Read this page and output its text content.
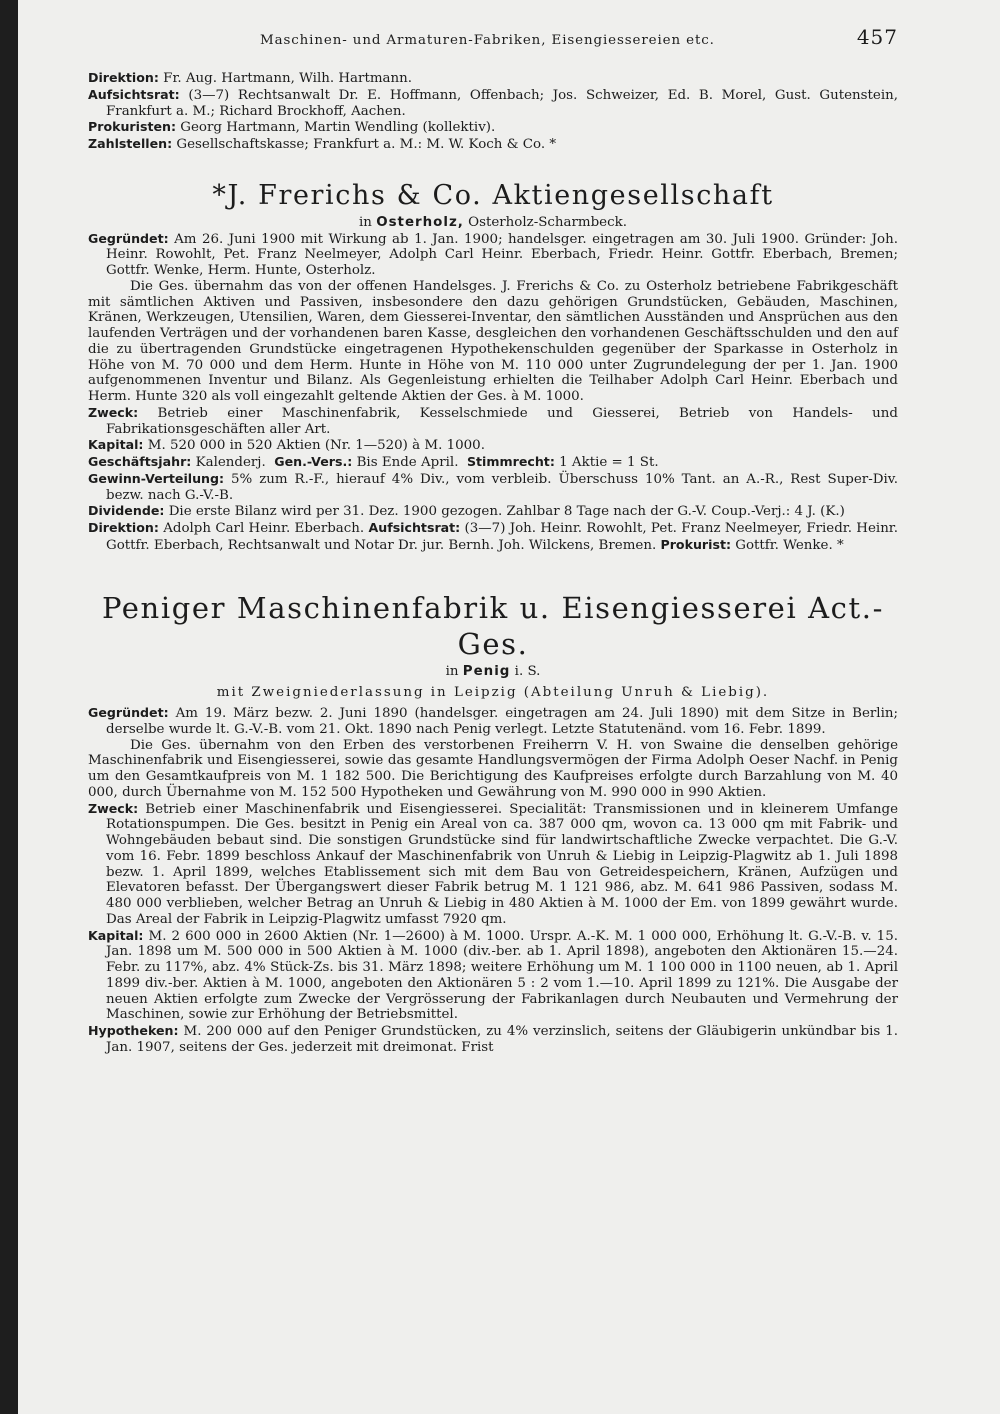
Maschinen- und Armaturen-Fabriken, Eisengiessereien etc.	457

Direktion: Fr. Aug. Hartmann, Wilh. Hartmann.

Aufsichtsrat: (3—7) Rechtsanwalt Dr. E. Hoffmann, Offenbach; Jos. Schweizer, Ed. B. Morel, Gust. Gutenstein, Frankfurt a. M.; Richard Brockhoff, Aachen.

Prokuristen: Georg Hartmann, Martin Wendling (kollektiv).

Zahlstellen: Gesellschaftskasse; Frankfurt a. M.: M. W. Koch & Co. *

*J. Frerichs & Co. Aktiengesellschaft
in Osterholz, Osterholz-Scharmbeck.

Gegründet: Am 26. Juni 1900 mit Wirkung ab 1. Jan. 1900; handelsger. eingetragen am 30. Juli 1900. Gründer: Joh. Heinr. Rowohlt, Pet. Franz Neelmeyer, Adolph Carl Heinr. Eberbach, Friedr. Heinr. Gottfr. Eberbach, Bremen; Gottfr. Wenke, Herm. Hunte, Osterholz.

Die Ges. übernahm das von der offenen Handelsges. J. Frerichs & Co. zu Osterholz betriebene Fabrikgeschäft mit sämtlichen Aktiven und Passiven, insbesondere den dazu gehörigen Grundstücken, Gebäuden, Maschinen, Kränen, Werkzeugen, Utensilien, Waren, dem Giesserei-Inventar, den sämtlichen Ausständen und Ansprüchen aus den laufenden Verträgen und der vorhandenen baren Kasse, desgleichen den vorhandenen Geschäftsschulden und den auf die zu übertragenden Grundstücke eingetragenen Hypothekenschulden gegenüber der Sparkasse in Osterholz in Höhe von M. 70 000 und dem Herm. Hunte in Höhe von M. 110 000 unter Zugrundelegung der per 1. Jan. 1900 aufgenommenen Inventur und Bilanz. Als Gegenleistung erhielten die Teilhaber Adolph Carl Heinr. Eberbach und Herm. Hunte 320 als voll eingezahlt geltende Aktien der Ges. à M. 1000.

Zweck: Betrieb einer Maschinenfabrik, Kesselschmiede und Giesserei, Betrieb von Handels- und Fabrikationsgeschäften aller Art.

Kapital: M. 520 000 in 520 Aktien (Nr. 1—520) à M. 1000.

Geschäftsjahr: Kalenderj. Gen.-Vers.: Bis Ende April. Stimmrecht: 1 Aktie = 1 St.

Gewinn-Verteilung: 5% zum R.-F., hierauf 4% Div., vom verbleib. Überschuss 10% Tant. an A.-R., Rest Super-Div. bezw. nach G.-V.-B.

Dividende: Die erste Bilanz wird per 31. Dez. 1900 gezogen. Zahlbar 8 Tage nach der G.-V. Coup.-Verj.: 4 J. (K.)

Direktion: Adolph Carl Heinr. Eberbach. Aufsichtsrat: (3—7) Joh. Heinr. Rowohlt, Pet. Franz Neelmeyer, Friedr. Heinr. Gottfr. Eberbach, Rechtsanwalt und Notar Dr. jur. Bernh. Joh. Wilckens, Bremen. Prokurist: Gottfr. Wenke. *

Peniger Maschinenfabrik u. Eisengiesserei Act.-Ges.
in Penig i. S.
mit Zweigniederlassung in Leipzig (Abteilung Unruh & Liebig).

Gegründet: Am 19. März bezw. 2. Juni 1890 (handelsger. eingetragen am 24. Juli 1890) mit dem Sitze in Berlin; derselbe wurde lt. G.-V.-B. vom 21. Okt. 1890 nach Penig verlegt. Letzte Statutenänd. vom 16. Febr. 1899.

Die Ges. übernahm von den Erben des verstorbenen Freiherrn V. H. von Swaine die denselben gehörige Maschinenfabrik und Eisengiesserei, sowie das gesamte Handlungsvermögen der Firma Adolph Oeser Nachf. in Penig um den Gesamtkaufpreis von M. 1 182 500. Die Berichtigung des Kaufpreises erfolgte durch Barzahlung von M. 40 000, durch Übernahme von M. 152 500 Hypotheken und Gewährung von M. 990 000 in 990 Aktien.

Zweck: Betrieb einer Maschinenfabrik und Eisengiesserei. Specialität: Transmissionen und in kleinerem Umfange Rotationspumpen. Die Ges. besitzt in Penig ein Areal von ca. 387 000 qm, wovon ca. 13 000 qm mit Fabrik- und Wohngebäuden bebaut sind. Die sonstigen Grundstücke sind für landwirtschaftliche Zwecke verpachtet. Die G.-V. vom 16. Febr. 1899 beschloss Ankauf der Maschinenfabrik von Unruh & Liebig in Leipzig-Plagwitz ab 1. Juli 1898 bezw. 1. April 1899, welches Etablissement sich mit dem Bau von Getreidespeichern, Kränen, Aufzügen und Elevatoren befasst. Der Übergangswert dieser Fabrik betrug M. 1 121 986, abz. M. 641 986 Passiven, sodass M. 480 000 verblieben, welcher Betrag an Unruh & Liebig in 480 Aktien à M. 1000 der Em. von 1899 gewährt wurde. Das Areal der Fabrik in Leipzig-Plagwitz umfasst 7920 qm.

Kapital: M. 2 600 000 in 2600 Aktien (Nr. 1—2600) à M. 1000. Urspr. A.-K. M. 1 000 000, Erhöhung lt. G.-V.-B. v. 15. Jan. 1898 um M. 500 000 in 500 Aktien à M. 1000 (div.-ber. ab 1. April 1898), angeboten den Aktionären 15.—24. Febr. zu 117%, abz. 4% Stück-Zs. bis 31. März 1898; weitere Erhöhung um M. 1 100 000 in 1100 neuen, ab 1. April 1899 div.-ber. Aktien à M. 1000, angeboten den Aktionären 5 : 2 vom 1.—10. April 1899 zu 121%. Die Ausgabe der neuen Aktien erfolgte zum Zwecke der Vergrösserung der Fabrikanlagen durch Neubauten und Vermehrung der Maschinen, sowie zur Erhöhung der Betriebsmittel.

Hypotheken: M. 200 000 auf den Peniger Grundstücken, zu 4% verzinslich, seitens der Gläubigerin unkündbar bis 1. Jan. 1907, seitens der Ges. jederzeit mit dreimonat. Frist
